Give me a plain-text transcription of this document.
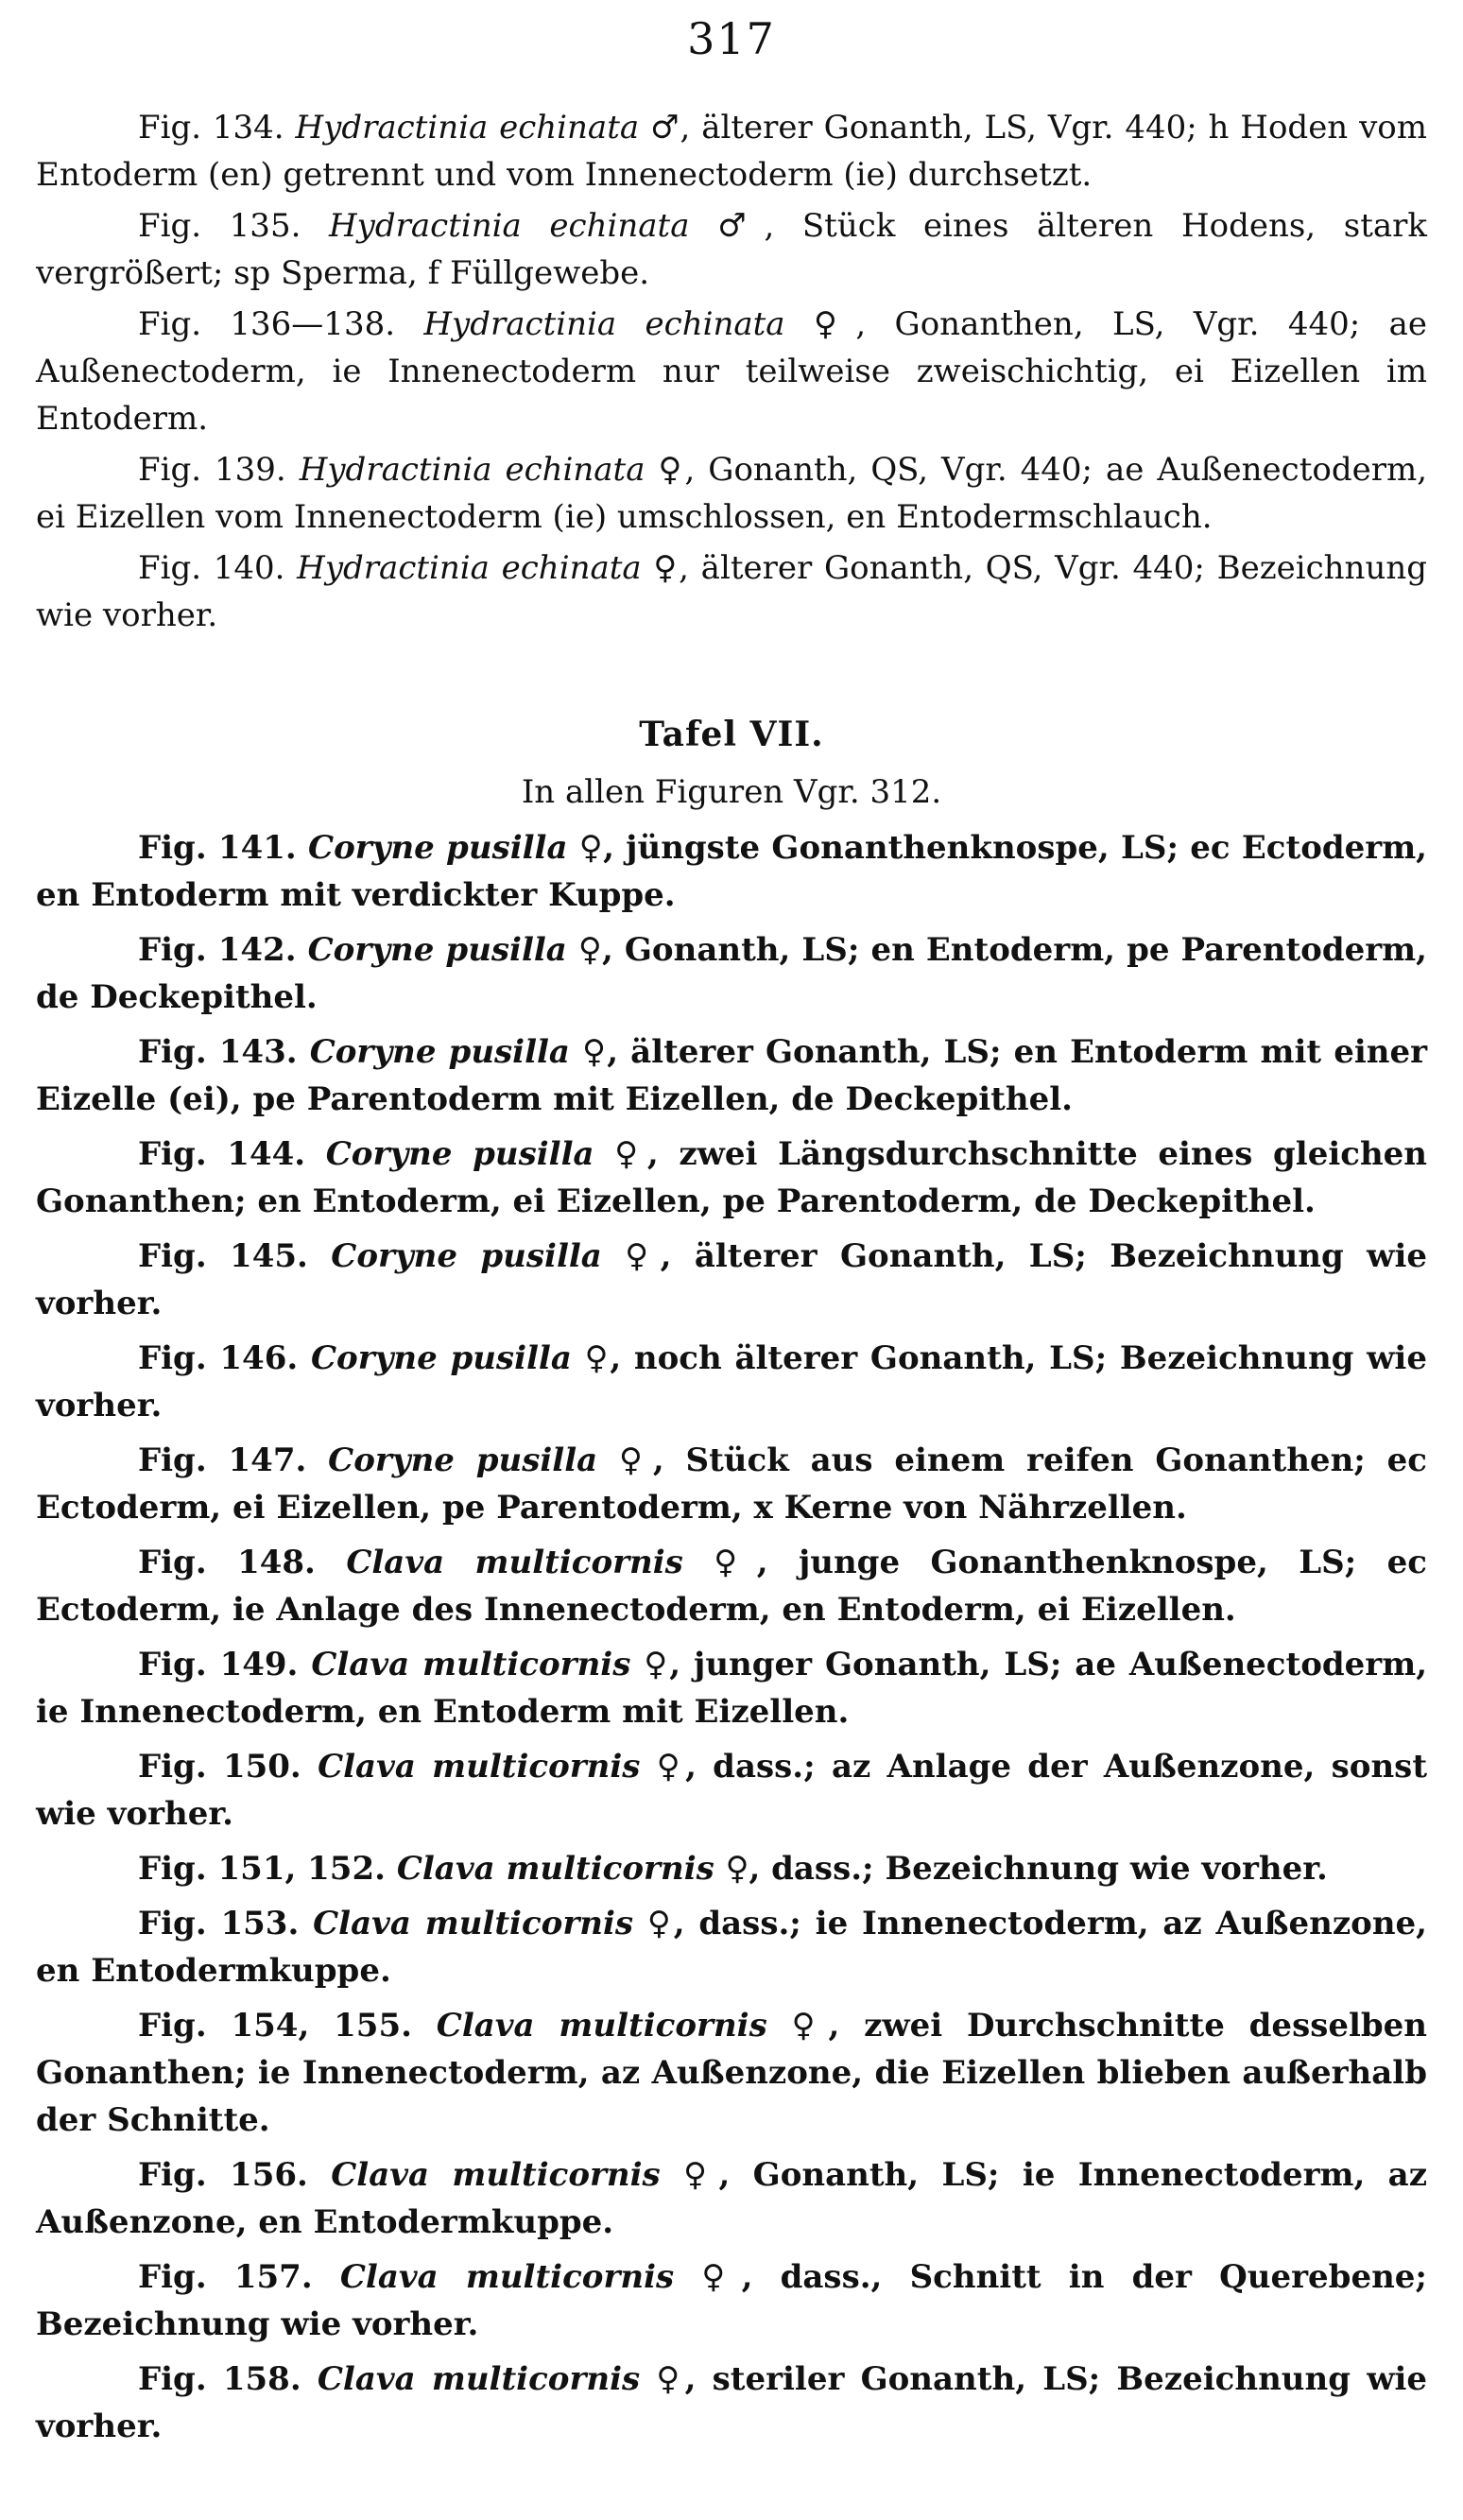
317

Fig. 134. Hydractinia echinata ♂, älterer Gonanth, LS, Vgr. 440; h Hoden vom Entoderm (en) getrennt und vom Innenectoderm (ie) durchsetzt.

Fig. 135. Hydractinia echinata ♂, Stück eines älteren Hodens, stark vergrößert; sp Sperma, f Füllgewebe.

Fig. 136—138. Hydractinia echinata ♀, Gonanthen, LS, Vgr. 440; ae Außenectoderm, ie Innenectoderm nur teilweise zweischichtig, ei Eizellen im Entoderm.

Fig. 139. Hydractinia echinata ♀, Gonanth, QS, Vgr. 440; ae Außenectoderm, ei Eizellen vom Innenectoderm (ie) umschlossen, en Entodermschlauch.

Fig. 140. Hydractinia echinata ♀, älterer Gonanth, QS, Vgr. 440; Bezeichnung wie vorher.

Tafel VII.
In allen Figuren Vgr. 312.

Fig. 141. Coryne pusilla ♀, jüngste Gonanthenknospe, LS; ec Ectoderm, en Entoderm mit verdickter Kuppe.

Fig. 142. Coryne pusilla ♀, Gonanth, LS; en Entoderm, pe Parentoderm, de Deckepithel.

Fig. 143. Coryne pusilla ♀, älterer Gonanth, LS; en Entoderm mit einer Eizelle (ei), pe Parentoderm mit Eizellen, de Deckepithel.

Fig. 144. Coryne pusilla ♀, zwei Längsdurchschnitte eines gleichen Gonanthen; en Entoderm, ei Eizellen, pe Parentoderm, de Deckepithel.

Fig. 145. Coryne pusilla ♀, älterer Gonanth, LS; Bezeichnung wie vorher.

Fig. 146. Coryne pusilla ♀, noch älterer Gonanth, LS; Bezeichnung wie vorher.

Fig. 147. Coryne pusilla ♀, Stück aus einem reifen Gonanthen; ec Ectoderm, ei Eizellen, pe Parentoderm, x Kerne von Nährzellen.

Fig. 148. Clava multicornis ♀, junge Gonanthenknospe, LS; ec Ectoderm, ie Anlage des Innenectoderm, en Entoderm, ei Eizellen.

Fig. 149. Clava multicornis ♀, junger Gonanth, LS; ae Außenectoderm, ie Innenectoderm, en Entoderm mit Eizellen.

Fig. 150. Clava multicornis ♀, dass.; az Anlage der Außenzone, sonst wie vorher.

Fig. 151, 152. Clava multicornis ♀, dass.; Bezeichnung wie vorher.

Fig. 153. Clava multicornis ♀, dass.; ie Innenectoderm, az Außenzone, en Entodermkuppe.

Fig. 154, 155. Clava multicornis ♀, zwei Durchschnitte desselben Gonanthen; ie Innenectoderm, az Außenzone, die Eizellen blieben außerhalb der Schnitte.

Fig. 156. Clava multicornis ♀, Gonanth, LS; ie Innenectoderm, az Außenzone, en Entodermkuppe.

Fig. 157. Clava multicornis ♀, dass., Schnitt in der Querebene; Bezeichnung wie vorher.

Fig. 158. Clava multicornis ♀, steriler Gonanth, LS; Bezeichnung wie vorher.
